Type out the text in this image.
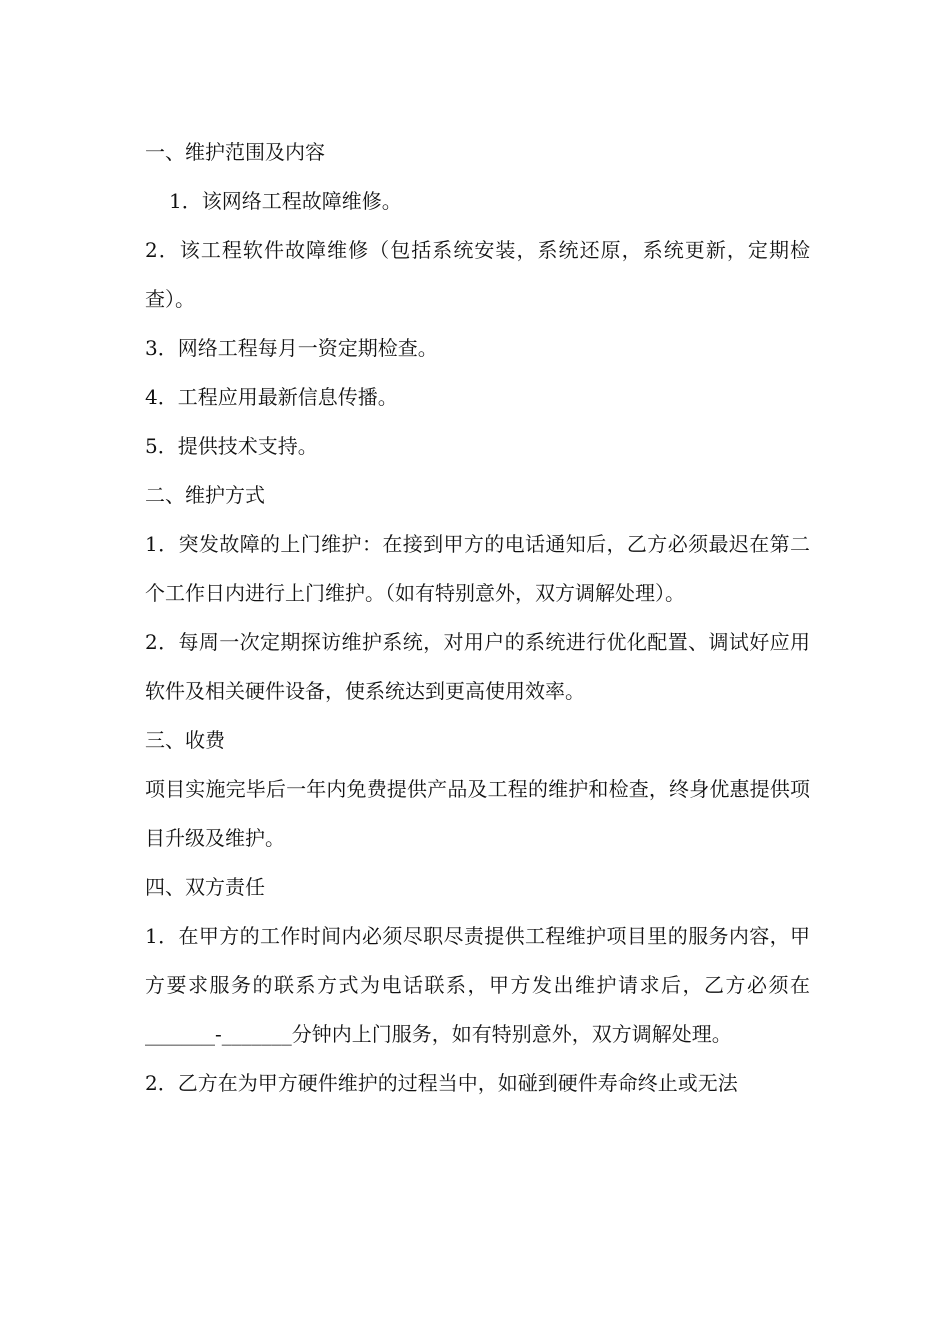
一、维护范围及内容

1．该网络工程故障维修。

2．该工程软件故障维修（包括系统安装，系统还原，系统更新，定期检查）。

3．网络工程每月一资定期检查。

4．工程应用最新信息传播。

5．提供技术支持。

二、维护方式

1．突发故障的上门维护：在接到甲方的电话通知后，乙方必须最迟在第二个工作日内进行上门维护。（如有特别意外，双方调解处理）。

2．每周一次定期探访维护系统，对用户的系统进行优化配置、调试好应用软件及相关硬件设备，使系统达到更高使用效率。

三、收费

项目实施完毕后一年内免费提供产品及工程的维护和检查，终身优惠提供项目升级及维护。

四、双方责任

1．在甲方的工作时间内必须尽职尽责提供工程维护项目里的服务内容，甲方要求服务的联系方式为电话联系，甲方发出维护请求后，乙方必须在_______-_______分钟内上门服务，如有特别意外，双方调解处理。

2．乙方在为甲方硬件维护的过程当中，如碰到硬件寿命终止或无法
